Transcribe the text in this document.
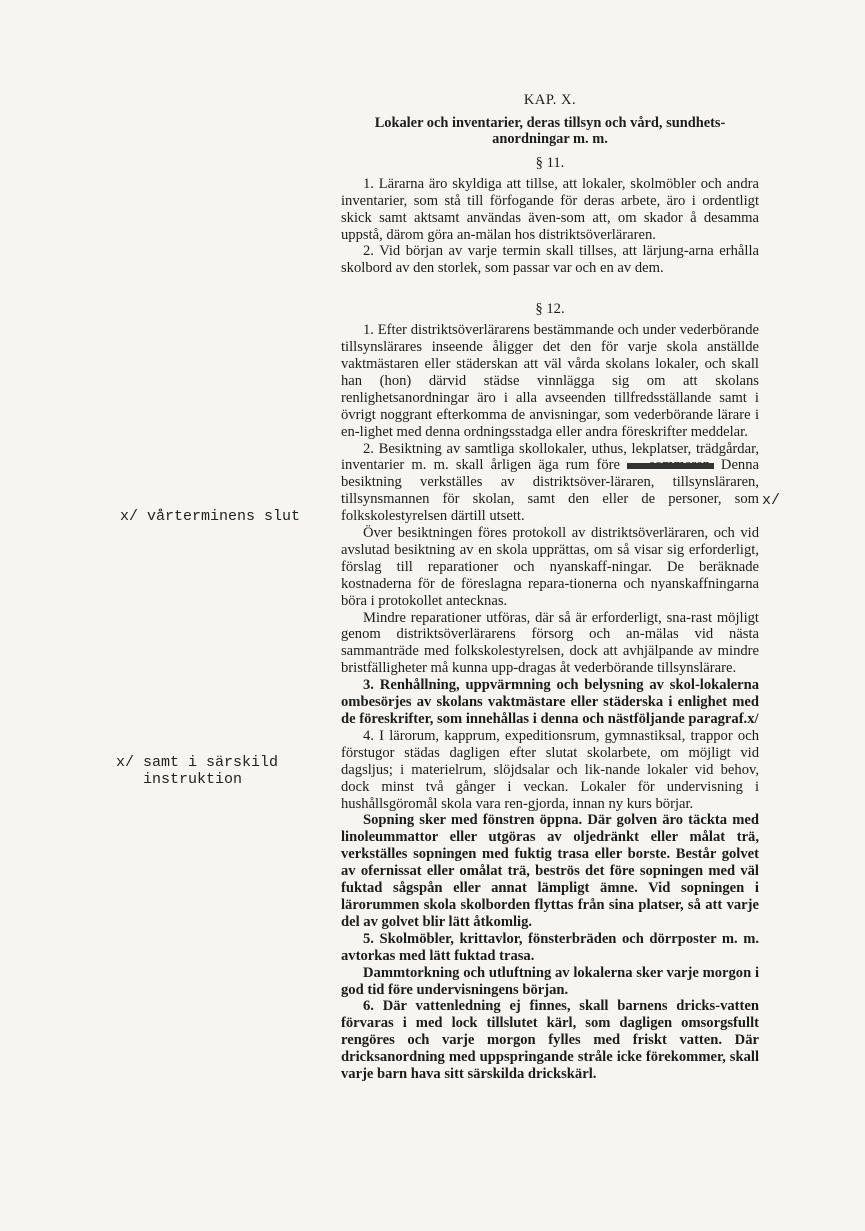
KAP. X.
Lokaler och inventarier, deras tillsyn och vård, sundhets-anordningar m. m.
§ 11.

1. Lärarna äro skyldiga att tillse, att lokaler, skolmöbler och andra inventarier, som stå till förfogande för deras arbete, äro i ordentligt skick samt aktsamt användas även-som att, om skador å desamma uppstå, därom göra an-mälan hos distriktsöverläraren.

2. Vid början av varje termin skall tillses, att lärjung-arna erhålla skolbord av den storlek, som passar var och en av dem.

§ 12.

1. Efter distriktsöverlärarens bestämmande och under vederbörande tillsynslärares inseende åligger det den för varje skola anställde vaktmästaren eller städerskan att väl vårda skolans lokaler, och skall han (hon) därvid städse vinnlägga sig om att skolans renlighetsanordningar äro i alla avseenden tillfredsställande samt i övrigt noggrant efterkomma de anvisningar, som vederbörande lärare i en-lighet med denna ordningsstadga eller andra föreskrifter meddelar.

2. Besiktning av samtliga skollokaler, uthus, lekplatser, trädgårdar, inventarier m. m. skall årligen äga rum före sommaren. Denna besiktning verkställes av distriktsöver-läraren, tillsynsläraren, tillsynsmannen för skolan, samt den eller de personer, som folkskolestyrelsen därtill utsett.

Över besiktningen föres protokoll av distriktsöverläraren, och vid avslutad besiktning av en skola upprättas, om så visar sig erforderligt, förslag till reparationer och nyanskaff-ningar. De beräknade kostnaderna för de föreslagna repara-tionerna och nyanskaffningarna böra i protokollet antecknas.

Mindre reparationer utföras, där så är erforderligt, sna-rast möjligt genom distriktsöverlärarens försorg och an-mälas vid nästa sammanträde med folkskolestyrelsen, dock att avhjälpande av mindre bristfälligheter må kunna upp-dragas åt vederbörande tillsynslärare.

3. Renhållning, uppvärmning och belysning av skol-lokalerna ombesörjes av skolans vaktmästare eller städerska i enlighet med de föreskrifter, som innehållas i denna och nästföljande paragraf.x/

4. I lärorum, kapprum, expeditionsrum, gymnastiksal, trappor och förstugor städas dagligen efter slutat skolarbete, om möjligt vid dagsljus; i materielrum, slöjdsalar och lik-nande lokaler vid behov, dock minst två gånger i veckan. Lokaler för undervisning i hushållsgöromål skola vara ren-gjorda, innan ny kurs börjar.

Sopning sker med fönstren öppna. Där golven äro täckta med linoleummattor eller utgöras av oljedränkt eller målat trä, verkställes sopningen med fuktig trasa eller borste. Består golvet av ofernissat eller omålat trä, beströs det före sopningen med väl fuktad sågspån eller annat lämpligt ämne. Vid sopningen i lärorummen skola skolborden flyttas från sina platser, så att varje del av golvet blir lätt åtkomlig.

5. Skolmöbler, krittavlor, fönsterbräden och dörrposter m. m. avtorkas med lätt fuktad trasa.

Dammtorkning och utluftning av lokalerna sker varje morgon i god tid före undervisningens början.

6. Där vattenledning ej finnes, skall barnens dricks-vatten förvaras i med lock tillslutet kärl, som dagligen omsorgsfullt rengöres och varje morgon fylles med friskt vatten. Där dricksanordning med uppspringande stråle icke förekommer, skall varje barn hava sitt särskilda drickskärl.

x/ vårterminens slut
x/
x/ samt i särskild
instruktion
